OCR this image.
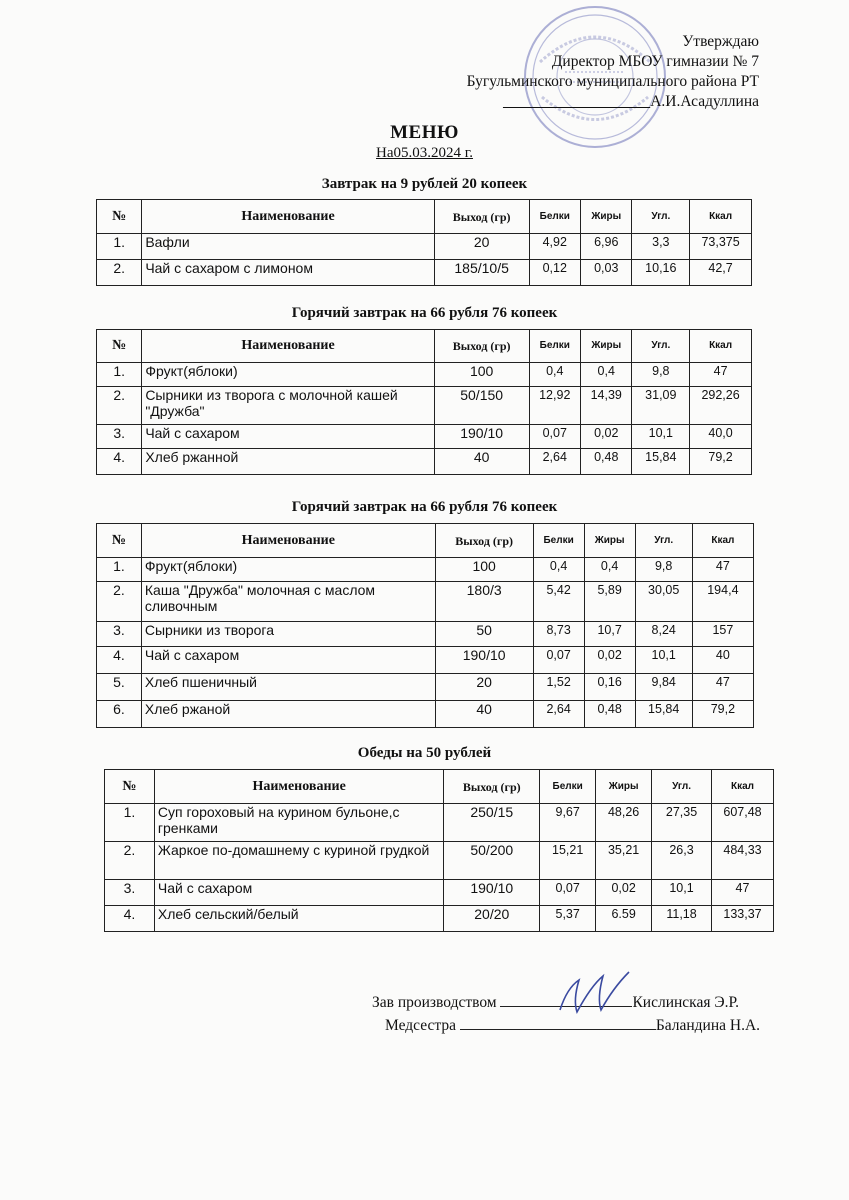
Утверждаю
Директор МБОУ гимназии № 7
Бугульминского муниципального района РТ
А.И.Асадуллина
МЕНЮ
На05.03.2024 г.
Завтрак на 9 рублей 20 копеек
№	Наименование	Выход (гр)	Белки	Жиры	Угл.	Ккал
1.	Вафли	20	4,92	6,96	3,3	73,375
2.	Чай с сахаром с лимоном	185/10/5	0,12	0,03	10,16	42,7
Горячий завтрак на 66 рубля 76 копеек
№	Наименование	Выход (гр)	Белки	Жиры	Угл.	Ккал
1.	Фрукт(яблоки)	100	0,4	0,4	9,8	47
2.	Сырники из творога с молочной кашей "Дружба"	50/150	12,92	14,39	31,09	292,26
3.	Чай с сахаром	190/10	0,07	0,02	10,1	40,0
4.	Хлеб ржанной	40	2,64	0,48	15,84	79,2
Горячий завтрак на 66 рубля 76 копеек
№	Наименование	Выход (гр)	Белки	Жиры	Угл.	Ккал
1.	Фрукт(яблоки)	100	0,4	0,4	9,8	47
2.	Каша "Дружба" молочная с маслом сливочным	180/3	5,42	5,89	30,05	194,4
3.	Сырники из творога	50	8,73	10,7	8,24	157
4.	Чай с сахаром	190/10	0,07	0,02	10,1	40
5.	Хлеб пшеничный	20	1,52	0,16	9,84	47
6.	Хлеб ржаной	40	2,64	0,48	15,84	79,2
Обеды на 50 рублей
№	Наименование	Выход (гр)	Белки	Жиры	Угл.	Ккал
1.	Суп гороховый на курином бульоне,с гренками	250/15	9,67	48,26	27,35	607,48
2.	Жаркое по-домашнему с куриной грудкой	50/200	15,21	35,21	26,3	484,33
3.	Чай с сахаром	190/10	0,07	0,02	10,1	47
4.	Хлеб сельский/белый	20/20	5,37	6.59	11,18	133,37
Зав производством	Кислинская Э.Р.
Медсестра	Баландина Н.А.
